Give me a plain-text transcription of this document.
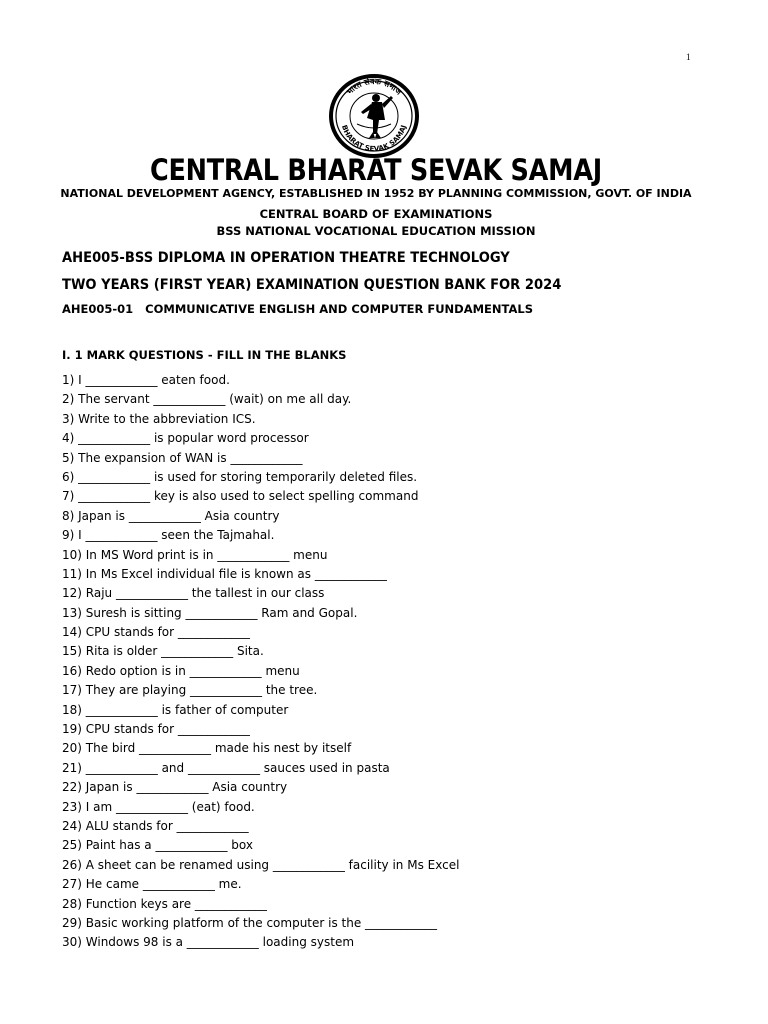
1
भारत सेवक समाज
BHARAT SEVAK SAMAJ
CENTRAL BHARAT SEVAK SAMAJ
NATIONAL DEVELOPMENT AGENCY, ESTABLISHED IN 1952 BY PLANNING COMMISSION, GOVT. OF INDIA
CENTRAL BOARD OF EXAMINATIONS
BSS NATIONAL VOCATIONAL EDUCATION MISSION
AHE005-BSS DIPLOMA IN OPERATION THEATRE TECHNOLOGY
TWO YEARS (FIRST YEAR) EXAMINATION QUESTION BANK FOR 2024
AHE005-01   COMMUNICATIVE ENGLISH AND COMPUTER FUNDAMENTALS
I. 1 MARK QUESTIONS - FILL IN THE BLANKS
1) I ____________ eaten food.
2) The servant ____________ (wait) on me all day.
3) Write to the abbreviation ICS.
4) ____________ is popular word processor
5) The expansion of WAN is ____________
6) ____________ is used for storing temporarily deleted files.
7) ____________ key is also used to select spelling command
8) Japan is ____________ Asia country
9) I ____________ seen the Tajmahal.
10) In MS Word print is in ____________ menu
11) In Ms Excel individual file is known as ____________
12) Raju ____________ the tallest in our class
13) Suresh is sitting ____________ Ram and Gopal.
14) CPU stands for ____________
15) Rita is older ____________ Sita.
16) Redo option is in ____________ menu
17) They are playing ____________ the tree.
18) ____________ is father of computer
19) CPU stands for ____________
20) The bird ____________ made his nest by itself
21) ____________ and ____________ sauces used in pasta
22) Japan is ____________ Asia country
23) I am ____________ (eat) food.
24) ALU stands for ____________
25) Paint has a ____________ box
26) A sheet can be renamed using ____________ facility in Ms Excel
27) He came ____________ me.
28) Function keys are ____________
29) Basic working platform of the computer is the ____________
30) Windows 98 is a ____________ loading system
